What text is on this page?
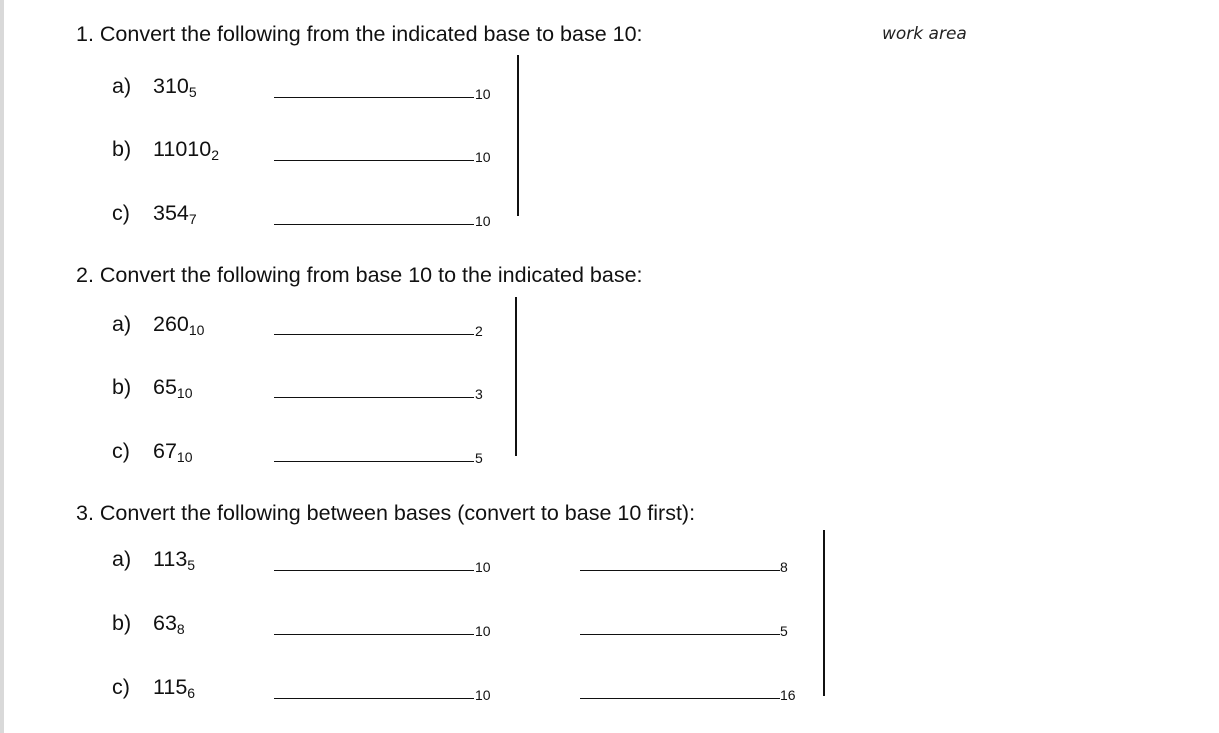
1. Convert the following from the indicated base to base 10:	work area
a) $310_5$	10
b) $11010_2$	10
c) $354_7$	10
2. Convert the following from base 10 to the indicated base:
a) $260_{10}$	2
b) $65_{10}$	3
c) $67_{10}$	5
3. Convert the following between bases (convert to base 10 first):
a) $113_5$	10	8
b) $63_8$	10	5
c) $115_6$	10	16
